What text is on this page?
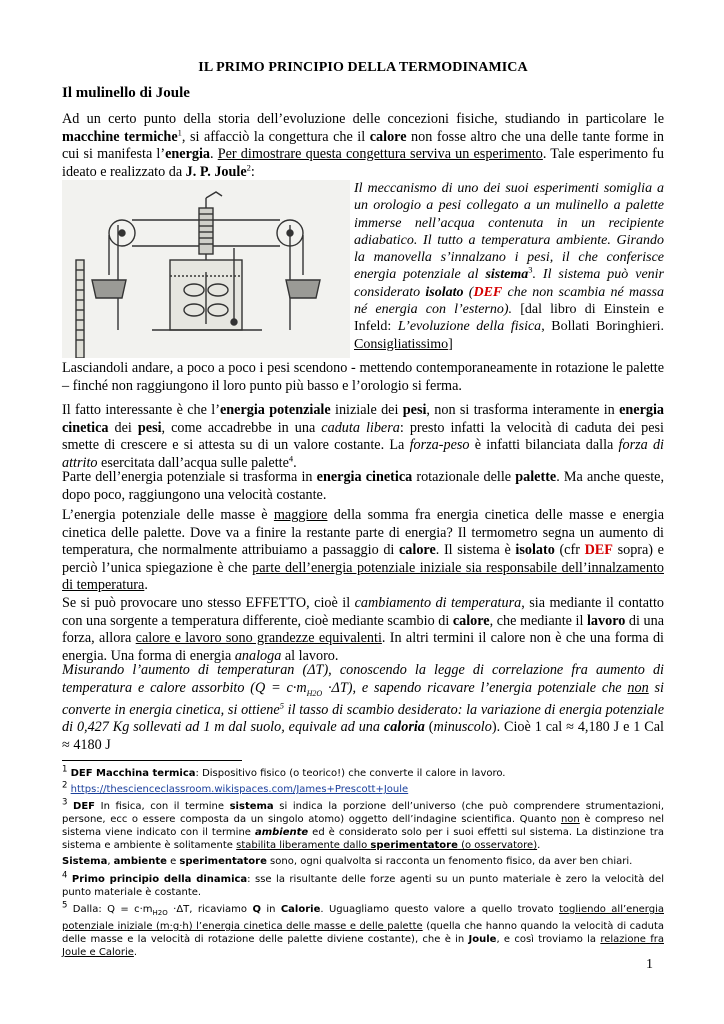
IL PRIMO PRINCIPIO DELLA TERMODINAMICA
Il mulinello di Joule

Ad un certo punto della storia dell’evoluzione delle concezioni fisiche, studiando in particolare le macchine termiche$^1$, si affacciò la congettura che il calore non fosse altro che una delle tante forme in cui si manifesta l’energia. Per dimostrare questa congettura serviva un esperimento. Tale esperimento fu ideato e realizzato da J. P. Joule$^2$:

Il meccanismo di uno dei suoi esperimenti somiglia a un orologio a pesi collegato a un mulinello a palette immerse nell’acqua contenuta in un recipiente adiabatico. Il tutto a temperatura ambiente. Girando la manovella s’innalzano i pesi, il che conferisce energia potenziale al sistema$^3$. Il sistema può venir considerato isolato (DEF che non scambia né massa né energia con l’esterno). [dal libro di Einstein e Infeld: L’evoluzione della fisica, Bollati Boringhieri. Consigliatissimo]

Lasciandoli andare, a poco a poco i pesi scendono - mettendo contemporaneamente in rotazione le palette – finché non raggiungono il loro punto più basso e l’orologio si ferma.

Il fatto interessante è che l’energia potenziale iniziale dei pesi, non si trasforma interamente in energia cinetica dei pesi, come accadrebbe in una caduta libera: presto infatti la velocità di caduta dei pesi smette di crescere e si attesta su di un valore costante. La forza-peso è infatti bilanciata dalla forza di attrito esercitata dall’acqua sulle palette$^4$.

Parte dell’energia potenziale si trasforma in energia cinetica rotazionale delle palette. Ma anche queste, dopo poco, raggiungono una velocità costante.

L’energia potenziale delle masse è maggiore della somma fra energia cinetica delle masse e energia cinetica delle palette. Dove va a finire la restante parte di energia? Il termometro segna un aumento di temperatura, che normalmente attribuiamo a passaggio di calore. Il sistema è isolato (cfr DEF sopra) e perciò l’unica spiegazione è che parte dell’energia potenziale iniziale sia responsabile dell’innalzamento di temperatura.

Se si può provocare uno stesso EFFETTO, cioè il cambiamento di temperatura, sia mediante il contatto con una sorgente a temperatura differente, cioè mediante scambio di calore, che mediante il lavoro di una forza, allora calore e lavoro sono grandezze equivalenti. In altri termini il calore non è che una forma di energia. Una forma di energia analoga al lavoro.

Misurando l’aumento di temperaturan (ΔT), conoscendo la legge di correlazione fra aumento di temperatura e calore assorbito $(Q = c\cdot m_{H2O} \cdot\Delta T)$, e sapendo ricavare l’energia potenziale che non si converte in energia cinetica, si ottiene$^5$ il tasso di scambio desiderato: la variazione di energia potenziale di 0,427 Kg sollevati ad 1 m dal suolo, equivale ad una caloria (minuscolo). Cioè 1 cal ≈ 4,180 J e 1 Cal ≈ 4180 J

$^1$ DEF Macchina termica: Dispositivo fisico (o teorico!) che converte il calore in lavoro.
$^2$ https://thescienceclassroom.wikispaces.com/James+Prescott+Joule
$^3$ DEF In fisica, con il termine sistema si indica la porzione dell’universo (che può comprendere strumentazioni, persone, ecc o essere composta da un singolo atomo) oggetto dell’indagine scientifica. Quanto non è compreso nel sistema viene indicato con il termine ambiente ed è considerato solo per i suoi effetti sul sistema. La distinzione tra sistema e ambiente è solitamente stabilita liberamente dallo sperimentatore (o osservatore).
Sistema, ambiente e sperimentatore sono, ogni qualvolta si racconta un fenomento fisico, da aver ben chiari.
$^4$ Primo principio della dinamica: sse la risultante delle forze agenti su un punto materiale è zero la velocità del punto materiale è costante.
$^5$ Dalla: $Q = c\cdot m_{H2O} \cdot\Delta T$, ricaviamo Q in Calorie. Uguagliamo questo valore a quello trovato togliendo all’energia potenziale iniziale (m·g·h) l’energia cinetica delle masse e delle palette (quella che hanno quando la velocità di caduta delle masse e la velocità di rotazione delle palette diviene costante), che è in Joule, e così troviamo la relazione fra Joule e Calorie.
1
